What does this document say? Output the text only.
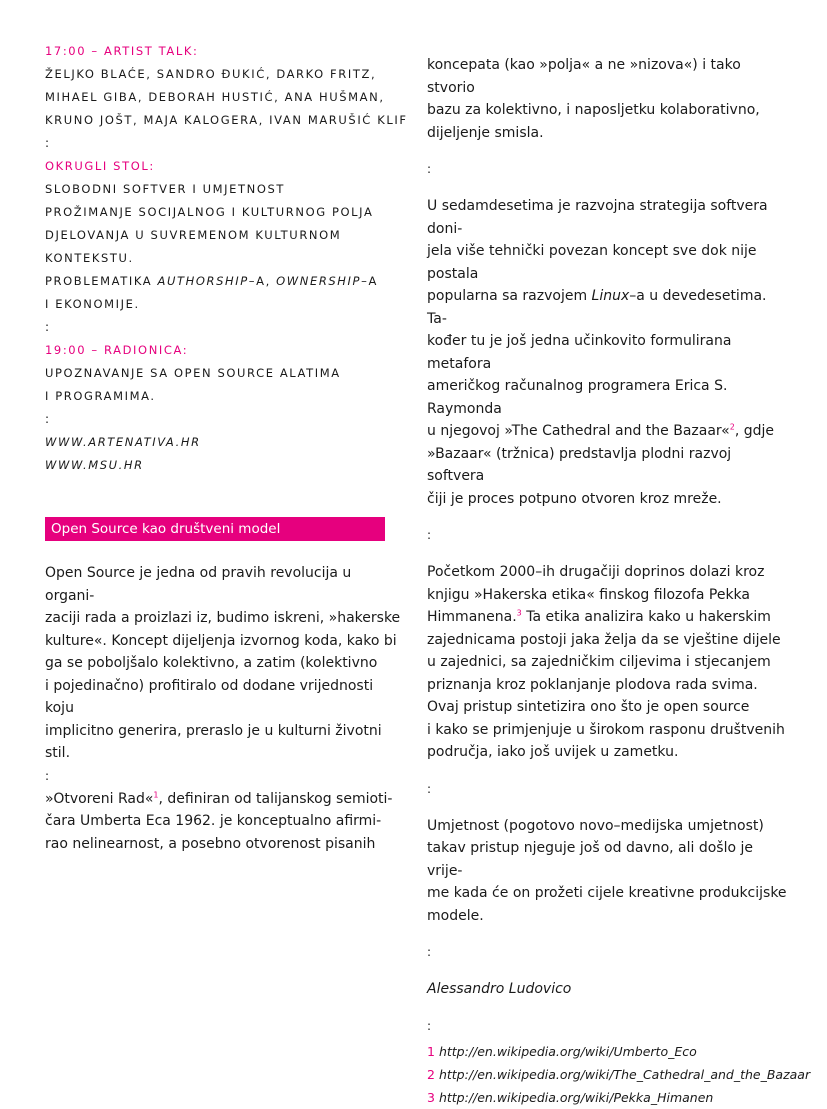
17:00 – ARTIST TALK:
ŽELJKO BLAĆE, SANDRO ĐUKIĆ, DARKO FRITZ,
MIHAEL GIBA, DEBORAH HUSTIĆ, ANA HUŠMAN,
KRUNO JOŠT, MAJA KALOGERA, IVAN MARUŠIĆ KLIF
:
OKRUGLI STOL:
SLOBODNI SOFTVER I UMJETNOST
PROŽIMANJE SOCIJALNOG I KULTURNOG POLJA
DJELOVANJA U SUVREMENOM KULTURNOM
KONTEKSTU.
PROBLEMATIKA AUTHORSHIP–A, OWNERSHIP–A
I EKONOMIJE.
:
19:00 – RADIONICA:
UPOZNAVANJE SA OPEN SOURCE ALATIMA
I PROGRAMIMA.
:
WWW.ARTENATIVA.HR
WWW.MSU.HR
Open Source kao društveni model

Open Source je jedna od pravih revolucija u organi-
zaciji rada a proizlazi iz, budimo iskreni, »hakerske
kulture«. Koncept dijeljenja izvornog koda, kako bi
ga se poboljšalo kolektivno, a zatim (kolektivno
i pojedinačno) profitiralo od dodane vrijednosti koju
implicitno generira, preraslo je u kulturni životni stil.

:

»Otvoreni Rad«$^1$, definiran od talijanskog semioti-
čara Umberta Eca 1962. je konceptualno afirmi-
rao nelinearnost, a posebno otvorenost pisanih

koncepata (kao »polja« a ne »nizova«) i tako stvorio
bazu za kolektivno, i naposljetku kolaborativno,
dijeljenje smisla.

:

U sedamdesetima je razvojna strategija softvera doni-
jela više tehnički povezan koncept sve dok nije postala
popularna sa razvojem Linux–a u devedesetima. Ta-
kođer tu je još jedna učinkovito formulirana metafora
američkog računalnog programera Erica S. Raymonda
u njegovoj »The Cathedral and the Bazaar«$^2$, gdje
»Bazaar« (tržnica) predstavlja plodni razvoj softvera
čiji je proces potpuno otvoren kroz mreže.

:

Početkom 2000–ih drugačiji doprinos dolazi kroz
knjigu »Hakerska etika« finskog filozofa Pekka
Himmanena.$^3$ Ta etika analizira kako u hakerskim
zajednicama postoji jaka želja da se vještine dijele
u zajednici, sa zajedničkim ciljevima i stjecanjem
priznanja kroz poklanjanje plodova rada svima.
Ovaj pristup sintetizira ono što je open source
i kako se primjenjuje u širokom rasponu društvenih
područja, iako još uvijek u zametku.

:

Umjetnost (pogotovo novo–medijska umjetnost)
takav pristup njeguje još od davno, ali došlo je vrije-
me kada će on prožeti cijele kreativne produkcijske
modele.

:

Alessandro Ludovico

:
1 http://en.wikipedia.org/wiki/Umberto_Eco
2 http://en.wikipedia.org/wiki/The_Cathedral_and_the_Bazaar
3 http://en.wikipedia.org/wiki/Pekka_Himanen
